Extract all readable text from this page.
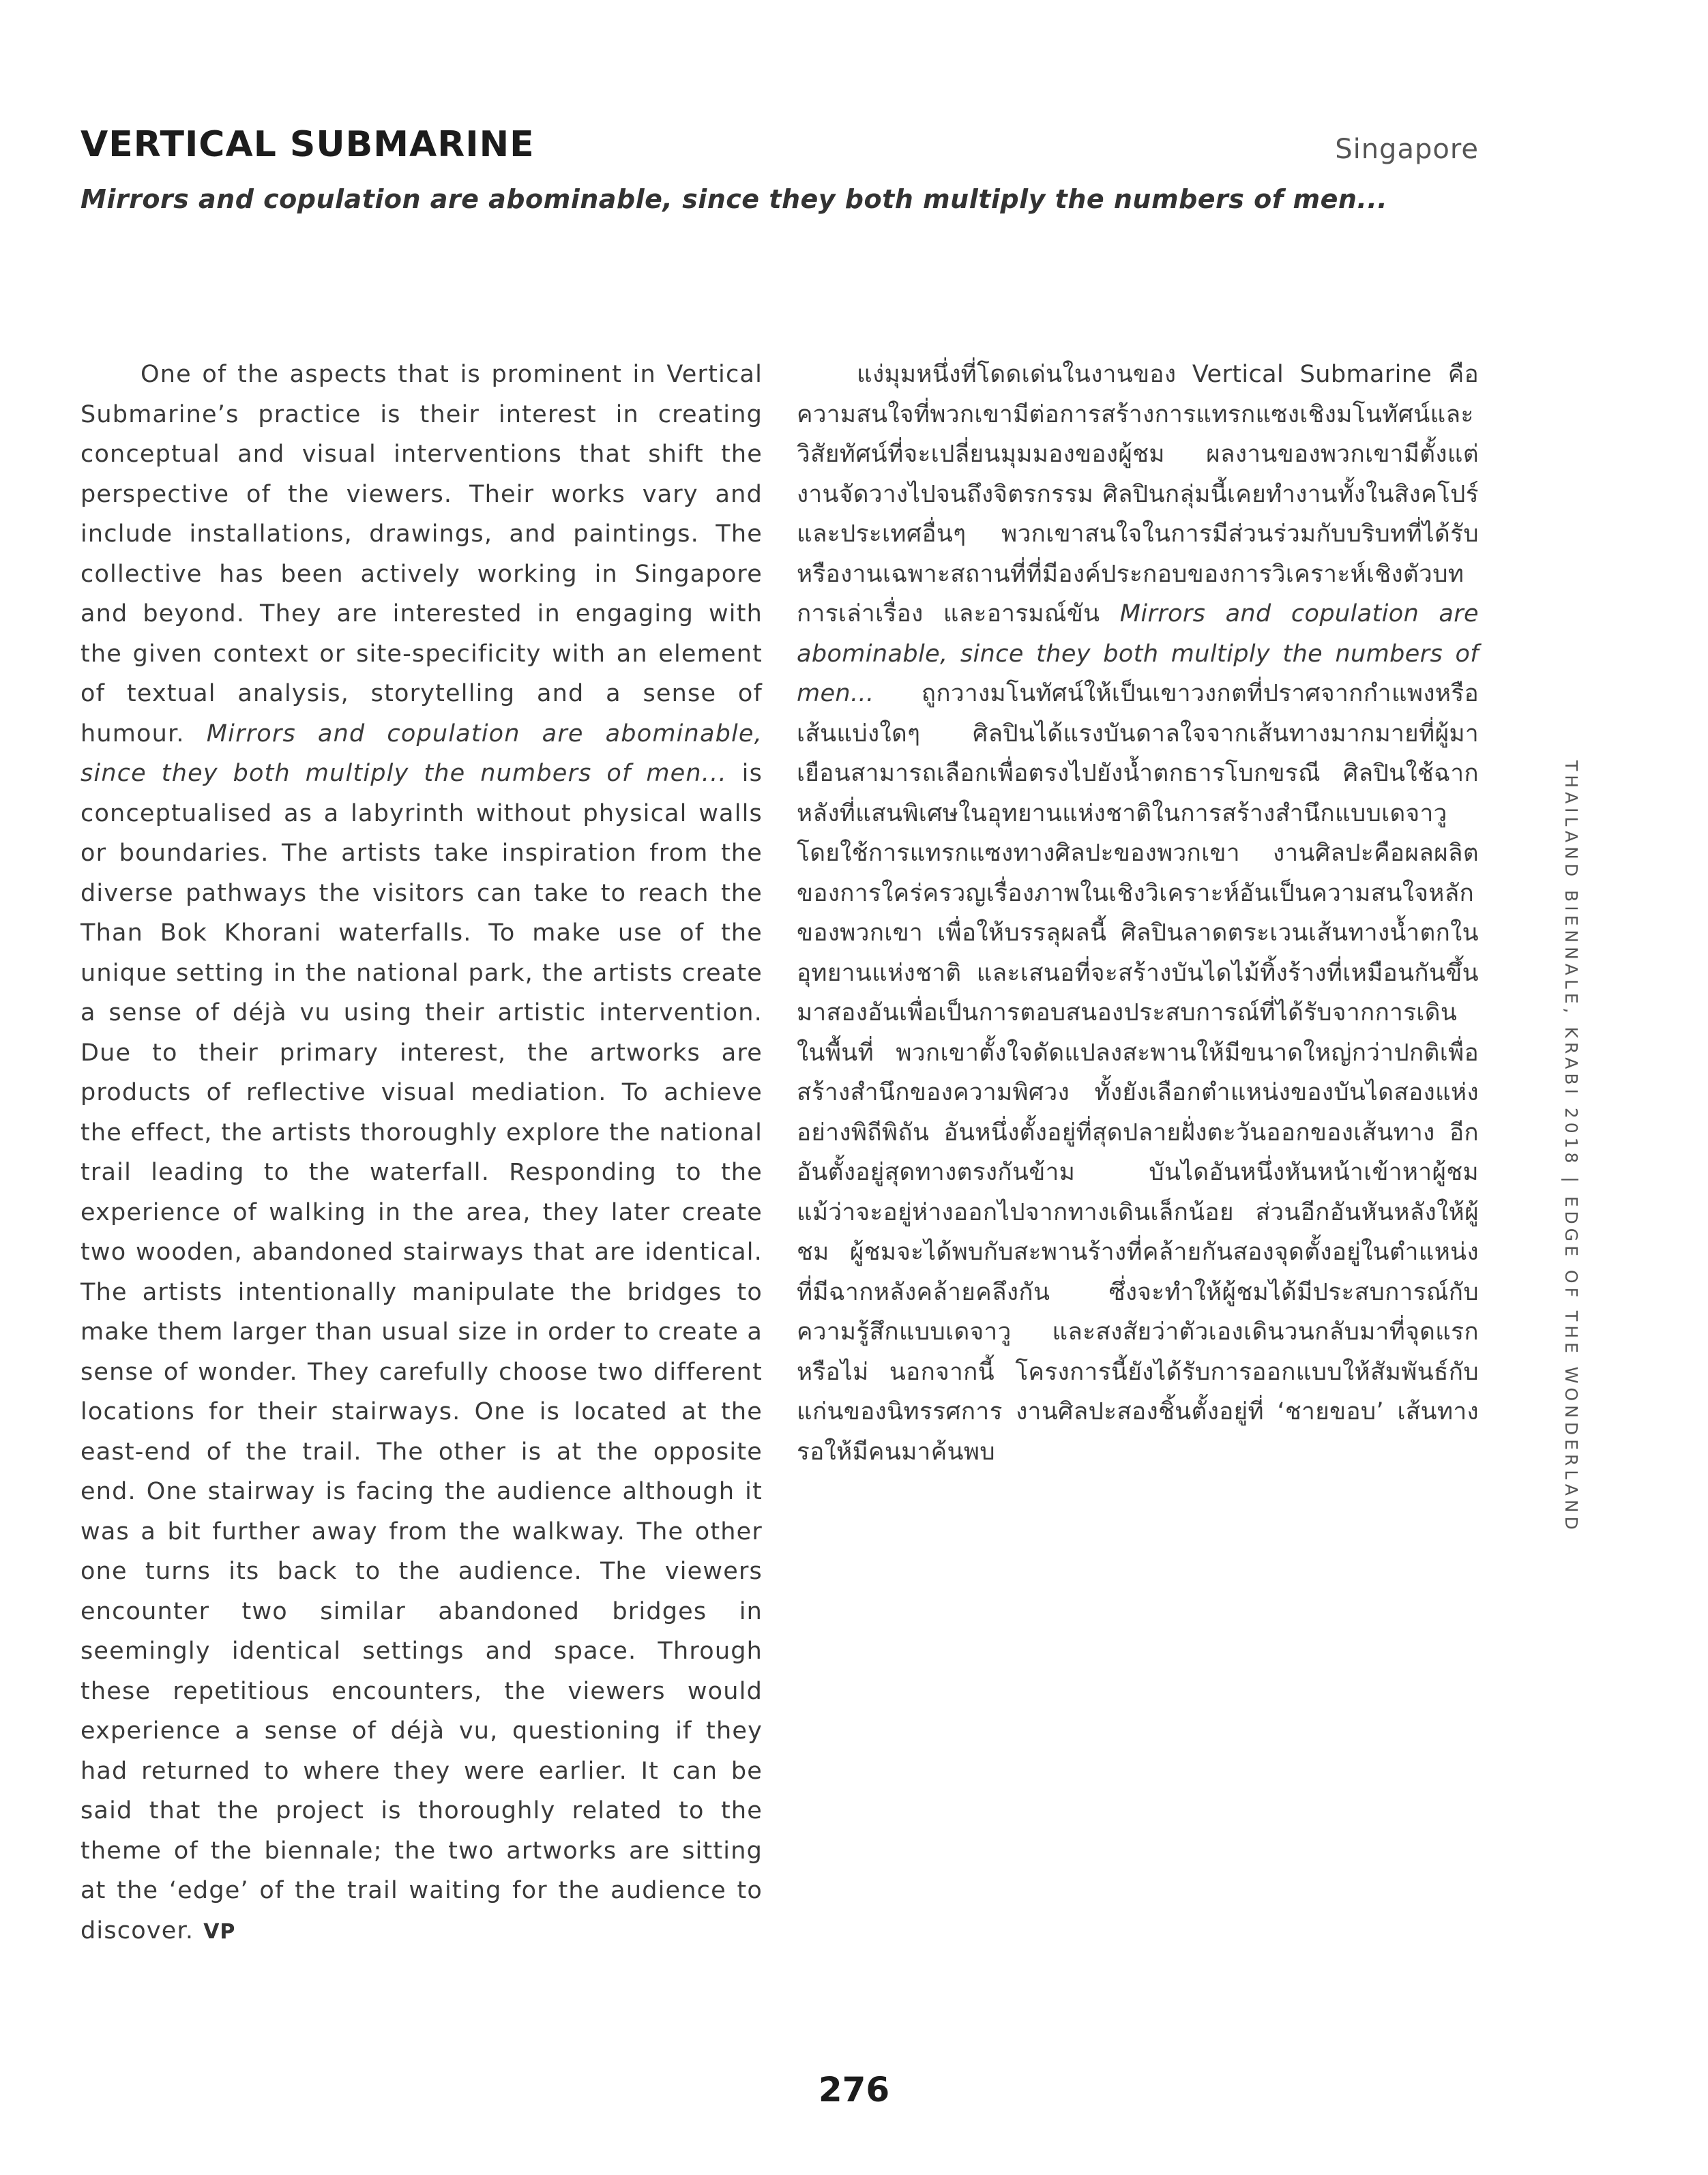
VERTICAL SUBMARINE	Singapore
Mirrors and copulation are abominable, since they both multiply the numbers of men...

One of the aspects that is prominent in Vertical Submarine’s practice is their interest in creating conceptual and visual interventions that shift the perspective of the viewers. Their works vary and include installations, drawings, and paintings. The collective has been actively working in Singapore and beyond. They are interested in engaging with the given context or site-specificity with an element of textual analysis, storytelling and a sense of humour. Mirrors and copulation are abominable, since they both multiply the numbers of men... is conceptualised as a labyrinth without physical walls or boundaries. The artists take inspiration from the diverse pathways the visitors can take to reach the Than Bok Khorani waterfalls. To make use of the unique setting in the national park, the artists create a sense of déjà vu using their artistic intervention. Due to their primary interest, the artworks are products of reflective visual mediation. To achieve the effect, the artists thoroughly explore the national trail leading to the waterfall. Responding to the experience of walking in the area, they later create two wooden, abandoned stairways that are identical. The artists intentionally manipulate the bridges to make them larger than usual size in order to create a sense of wonder. They carefully choose two different locations for their stairways. One is located at the east-end of the trail. The other is at the opposite end. One stairway is facing the audience although it was a bit further away from the walkway. The other one turns its back to the audience. The viewers encounter two similar abandoned bridges in seemingly identical settings and space. Through these repetitious encounters, the viewers would experience a sense of déjà vu, questioning if they had returned to where they were earlier. It can be said that the project is thoroughly related to the theme of the biennale; the two artworks are sitting at the ‘edge’ of the trail waiting for the audience to discover. VP

แง่มุมหนึ่งที่โดดเด่นในงานของ Vertical Submarine คือความสนใจที่พวกเขามีต่อการสร้างการแทรกแซงเชิงมโนทัศน์และวิสัยทัศน์ที่จะเปลี่ยนมุมมองของผู้ชม ผลงานของพวกเขามีตั้งแต่งานจัดวางไปจนถึงจิตรกรรม ศิลปินกลุ่มนี้เคยทำงานทั้งในสิงคโปร์และประเทศอื่นๆ พวกเขาสนใจในการมีส่วนร่วมกับบริบทที่ได้รับหรืองานเฉพาะสถานที่ที่มีองค์ประกอบของการวิเคราะห์เชิงตัวบท การเล่าเรื่อง และอารมณ์ขัน Mirrors and copulation are abominable, since they both multiply the numbers of men... ถูกวางมโนทัศน์ให้เป็นเขาวงกตที่ปราศจากกำแพงหรือเส้นแบ่งใดๆ ศิลปินได้แรงบันดาลใจจากเส้นทางมากมายที่ผู้มาเยือนสามารถเลือกเพื่อตรงไปยังน้ำตกธารโบกขรณี ศิลปินใช้ฉากหลังที่แสนพิเศษในอุทยานแห่งชาติในการสร้างสำนึกแบบเดจาวูโดยใช้การแทรกแซงทางศิลปะของพวกเขา งานศิลปะคือผลผลิตของการใคร่ครวญเรื่องภาพในเชิงวิเคราะห์อันเป็นความสนใจหลักของพวกเขา เพื่อให้บรรลุผลนี้ ศิลปินลาดตระเวนเส้นทางน้ำตกในอุทยานแห่งชาติ และเสนอที่จะสร้างบันไดไม้ทิ้งร้างที่เหมือนกันขึ้นมาสองอันเพื่อเป็นการตอบสนองประสบการณ์ที่ได้รับจากการเดินในพื้นที่ พวกเขาตั้งใจดัดแปลงสะพานให้มีขนาดใหญ่กว่าปกติเพื่อสร้างสำนึกของความพิศวง ทั้งยังเลือกตำแหน่งของบันไดสองแห่งอย่างพิถีพิถัน อันหนึ่งตั้งอยู่ที่สุดปลายฝั่งตะวันออกของเส้นทาง อีกอันตั้งอยู่สุดทางตรงกันข้าม บันไดอันหนึ่งหันหน้าเข้าหาผู้ชม แม้ว่าจะอยู่ห่างออกไปจากทางเดินเล็กน้อย ส่วนอีกอันหันหลังให้ผู้ชม ผู้ชมจะได้พบกับสะพานร้างที่คล้ายกันสองจุดตั้งอยู่ในตำแหน่งที่มีฉากหลังคล้ายคลึงกัน ซึ่งจะทำให้ผู้ชมได้มีประสบการณ์กับความรู้สึกแบบเดจาวู และสงสัยว่าตัวเองเดินวนกลับมาที่จุดแรกหรือไม่ นอกจากนี้ โครงการนี้ยังได้รับการออกแบบให้สัมพันธ์กับแก่นของนิทรรศการ งานศิลปะสองชิ้นตั้งอยู่ที่ ‘ชายขอบ’ เส้นทาง รอให้มีคนมาค้นพบ	THAILAND BIENNALE, KRABI 2018 | EDGE OF THE WONDERLAND
276
